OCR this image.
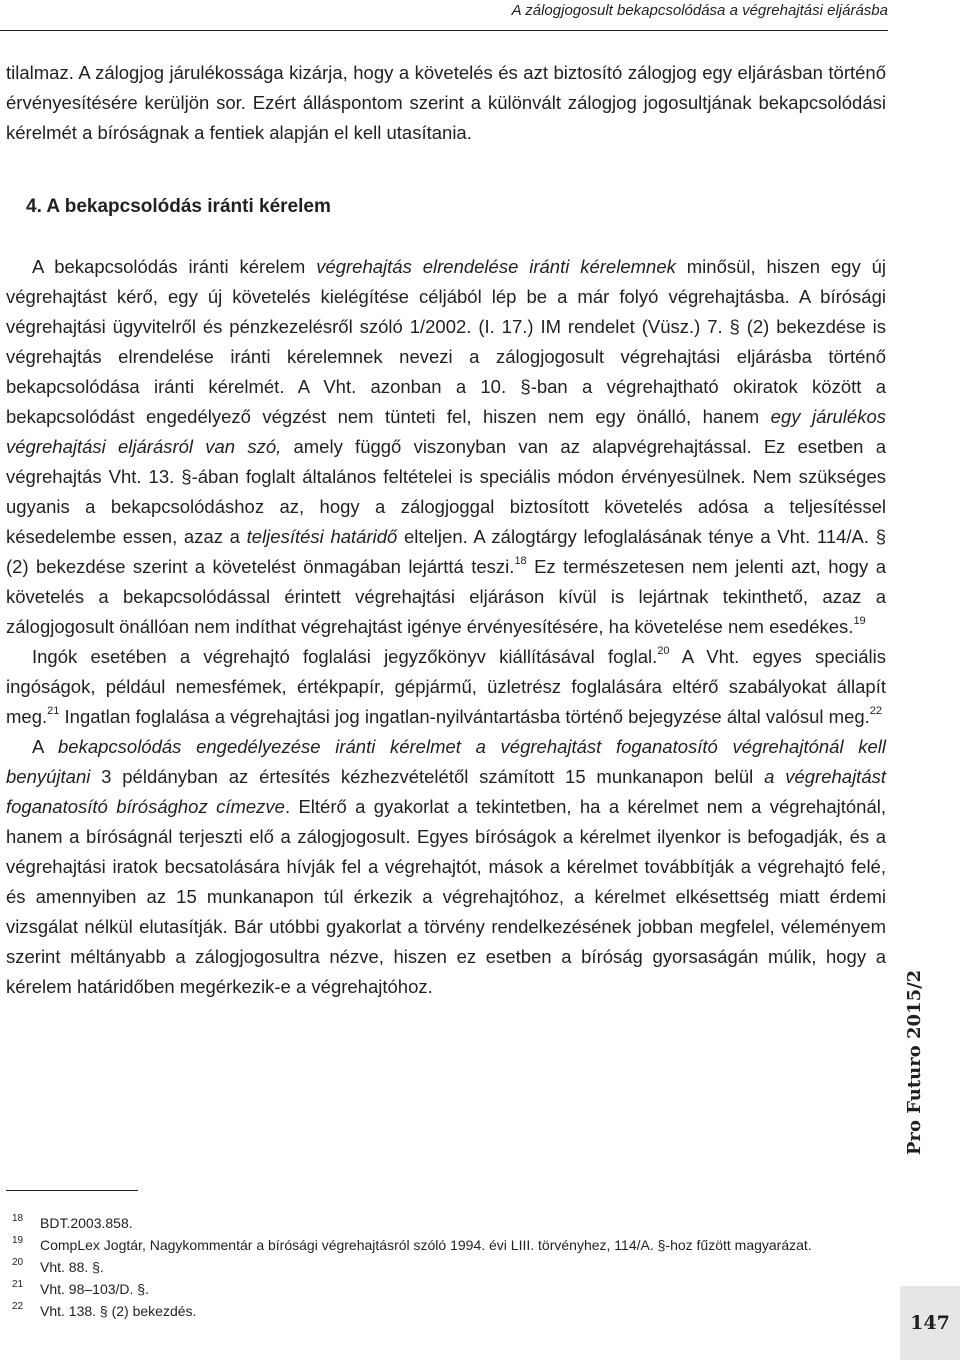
A zálogjogosult bekapcsolódása a végrehajtási eljárásba

tilalmaz. A zálogjog járulékossága kizárja, hogy a követelés és azt biztosító zálogjog egy eljárásban történő érvényesítésére kerüljön sor. Ezért álláspontom szerint a különvált zálogjog jogosultjának bekapcsolódási kérelmét a bíróságnak a fentiek alapján el kell utasítania.

4. A bekapcsolódás iránti kérelem

A bekapcsolódás iránti kérelem végrehajtás elrendelése iránti kérelemnek minősül, hiszen egy új végrehajtást kérő, egy új követelés kielégítése céljából lép be a már folyó végrehajtásba. A bírósági végrehajtási ügyvitelről és pénzkezelésről szóló 1/2002. (I. 17.) IM rendelet (Vüsz.) 7. § (2) bekezdése is végrehajtás elrendelése iránti kérelemnek nevezi a zálogjogosult végrehajtási eljárásba történő bekapcsolódása iránti kérelmét. A Vht. azonban a 10. §-ban a végrehajtható okiratok között a bekapcsolódást engedélyező végzést nem tünteti fel, hiszen nem egy önálló, hanem egy járulékos végrehajtási eljárásról van szó, amely függő viszonyban van az alapvégrehajtással. Ez esetben a végrehajtás Vht. 13. §-ában foglalt általános feltételei is speciális módon érvényesülnek. Nem szükséges ugyanis a bekapcsolódáshoz az, hogy a zálogjoggal biztosított követelés adósa a teljesítéssel késedelembe essen, azaz a teljesítési határidő elteljen. A zálogtárgy lefoglalásának ténye a Vht. 114/A. § (2) bekezdése szerint a követelést önmagában lejárttá teszi.$^{18}$ Ez természetesen nem jelenti azt, hogy a követelés a bekapcsolódással érintett végrehajtási eljáráson kívül is lejártnak tekinthető, azaz a zálogjogosult önállóan nem indíthat végrehajtást igénye érvényesítésére, ha követelése nem esedékes.$^{19}$

Ingók esetében a végrehajtó foglalási jegyzőkönyv kiállításával foglal.$^{20}$ A Vht. egyes speciális ingóságok, például nemesfémek, értékpapír, gépjármű, üzletrész foglalására eltérő szabályokat állapít meg.$^{21}$ Ingatlan foglalása a végrehajtási jog ingatlan-nyilvántartásba történő bejegyzése által valósul meg.$^{22}$

A bekapcsolódás engedélyezése iránti kérelmet a végrehajtást foganatosító végrehajtónál kell benyújtani 3 példányban az értesítés kézhezvételétől számított 15 munkanapon belül a végrehajtást foganatosító bírósághoz címezve. Eltérő a gyakorlat a tekintetben, ha a kérelmet nem a végrehajtónál, hanem a bíróságnál terjeszti elő a zálogjogosult. Egyes bíróságok a kérelmet ilyenkor is befogadják, és a végrehajtási iratok becsatolására hívják fel a végrehajtót, mások a kérelmet továbbítják a végrehajtó felé, és amennyiben az 15 munkanapon túl érkezik a végrehajtóhoz, a kérelmet elkésettség miatt érdemi vizsgálat nélkül elutasítják. Bár utóbbi gyakorlat a törvény rendelkezésének jobban megfelel, véleményem szerint méltányabb a zálogjogosultra nézve, hiszen ez esetben a bíróság gyorsaságán múlik, hogy a kérelem határidőben megérkezik-e a végrehajtóhoz.

18 BDT.2003.858.
19 CompLex Jogtár, Nagykommentár a bírósági végrehajtásról szóló 1994. évi LIII. törvényhez, 114/A. §-hoz fűzött magyarázat.
20 Vht. 88. §.
21 Vht. 98–103/D. §.
22 Vht. 138. § (2) bekezdés.
Pro Futuro 2015/2
147
